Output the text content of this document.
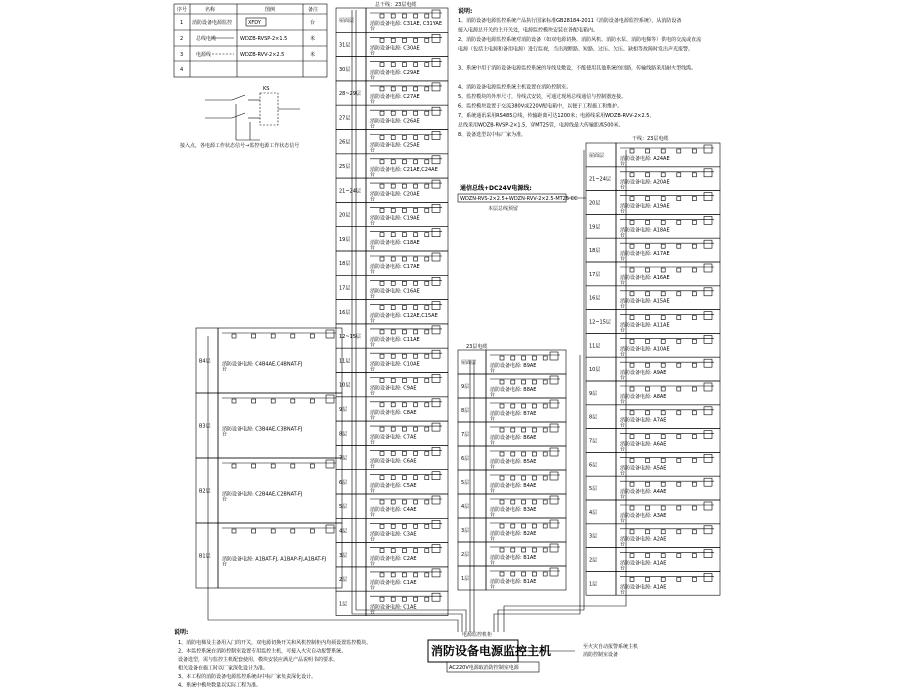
序号	名称	图例	备注
1 消防设备电源监控	XFDY	台
2	总线电缆	WDZB-RVSP-2×1.5	米
3	电源线	WDZB-RVV-2×2.5	米
4
KS
接入点，各电源工作状态信号→监控电源工作状态信号
说明:
1、消防设备电源监控系统产品执行国家标准GB28184-2011《消防设备电源监控系统》，从消防设备
接入电源总开关的主开关处，电源监控模块安装在各配电箱内。
2、消防设备电源监控系统对消防设备（如双电源切换、消防风机、消防水泵、消防电梯等）供电的交流或直流
电源（包括主电源和备用电源）进行监视，当出现断路、短路、过压、欠压、缺相等故障时发出声光报警。
3、系统中用于消防设备电源监控系统的导线及敷设，不能使用其他系统的回路，传输线路采用耐火型线缆。
4、消防设备电源监控系统主机设置在消防控制室。
5、监控模块的外形尺寸，导线式安装，可通过现场总线通信与控制器连接。
6、监控模块设置于交流380V或220V配电箱中，以便于工程施工和维护。
7、系统通讯采用RS485总线，传输距离可达1200米；电源线采用WDZB-RVV-2×2.5，
总线采用WDZB-RVSP-2×1.5，穿MT25管，电源线最大传输距离500米。
8、设备选型以中标厂家为准。
屋面层	消防设备电源: C31AE, C31YAE
台
31层	消防设备电源: C30AE
台
30层	消防设备电源: C29AE
台
28~29层 消防设备电源: C27AE
台
27层	消防设备电源: C26AE
台
26层	消防设备电源: C25AE
台
25层	消防设备电源: C21AE,C24AE
台
21~24层 消防设备电源: C20AE
台
20层	消防设备电源: C19AE
台
19层	消防设备电源: C18AE
台
18层	消防设备电源: C17AE
台
17层	消防设备电源: C16AE
台
16层	消防设备电源: C12AE,C15AE
台
12~15层 消防设备电源: C11AE
台
11层	消防设备电源: C10AE
台
10层	消防设备电源: C9AE
台
9层	消防设备电源: C8AE
台
8层	消防设备电源: C7AE
台
7层	消防设备电源: C6AE
台
6层	消防设备电源: C5AE
台
5层	消防设备电源: C4AE
台
4层	消防设备电源: C3AE
台
3层	消防设备电源: C2AE
台
2层	消防设备电源: C1AE
台
1层	消防设备电源: C1AE
台
屋面层	消防设备电源: B9AE
台
9层	消防设备电源: B8AE
台
8层	消防设备电源: B7AE
台
7层	消防设备电源: B6AE
台
6层	消防设备电源: B5AE
台
5层	消防设备电源: B4AE
台
4层	消防设备电源: B3AE
台
3层	消防设备电源: B2AE
台
2层	消防设备电源: B1AE
台
1层	消防设备电源: B1AE
台
屋面层	消防设备电源: A24AE
台
21~24层 消防设备电源: A20AE
台
20层	消防设备电源: A19AE
台
19层	消防设备电源: A18AE
台
18层	消防设备电源: A17AE
台
17层	消防设备电源: A16AE
台
16层	消防设备电源: A15AE
台
12~15层 消防设备电源: A11AE
台
11层	消防设备电源: A10AE
台
10层	消防设备电源: A9AE
台
9层	消防设备电源: A8AE
台
8层	消防设备电源: A7AE
台
7层	消防设备电源: A6AE
台
6层	消防设备电源: A5AE
台
5层	消防设备电源: A4AE
台
4层	消防设备电源: A3AE
台
3层	消防设备电源: A2AE
台
2层	消防设备电源: A1AE
台
1层	消防设备电源: A1AE
台
B4层 消防设备电源: C4B4AE,C4BNAT-FJ
台
B3层 消防设备电源: C3B4AE,C3BNAT-FJ
台
B2层 消防设备电源: C2B4AE,C2BNAT-FJ
台
B1层 消防设备电源: A1BAT-FJ, A1BAP-FJ,A1BAT-FJ
台
总干线：23层电缆
23层电缆
干线：23层电缆
通信总线+DC24V电源线:
WDZN-RVS-2×2.5+WDZN-RVV-2×2.5-MT25 CC
本层总线预留
电源监控机柜
消防设备电源监控主机
AC220V电源取消防控制室电源
至火灾自动报警系统主机
消防控制室设备
说明:
1、消防电梯及主备用入门的开关，双电源切换开关和风机控制柜内均须设置监控模块。
2、本监控系统在消防控制室设置专用监控主机，可接入火灾自动报警系统。
设备选型，需与监控主机配套使用，模块安装应满足产品说明书的要求。
相关设备在施工时以厂家深化设计为准。
3、本工程的消防设备电源监控系统由中标厂家负责深化设计。
4、系统中模块数量以实际工程为准。
